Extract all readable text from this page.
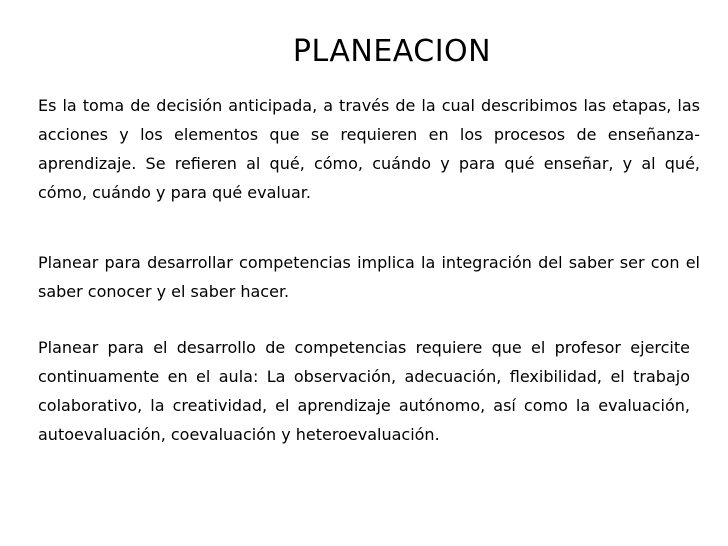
PLANEACION

Es la toma de decisión anticipada, a través de la cual describimos las etapas, las acciones y los elementos que se requieren en los procesos de enseñanza-aprendizaje. Se refieren al qué, cómo, cuándo y para qué enseñar, y al qué, cómo, cuándo y para qué evaluar.

Planear para desarrollar competencias implica la integración del saber ser con el saber conocer y el saber hacer.

Planear para el desarrollo de competencias requiere que el profesor ejercite continuamente en el aula: La observación, adecuación, flexibilidad, el trabajo colaborativo, la creatividad, el aprendizaje autónomo, así como la evaluación, autoevaluación, coevaluación y heteroevaluación.
